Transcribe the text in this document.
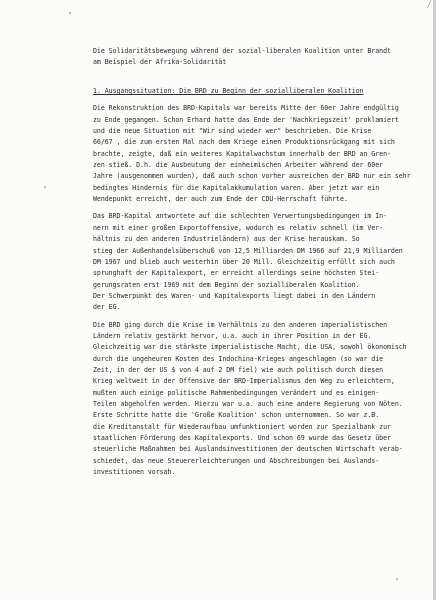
/
Die Solidaritätsbewegung während der sozial-liberalen Koalition unter Brandt
am Beispiel der Afrika-Solidarität
1. Ausgangssituation: Die BRD zu Beginn der sozialliberalen Koalition
Die Rekonstruktion des BRD-Kapitals war bereits Mitte der 60er Jahre endgültig
zu Ende gegangen. Schon Erhard hatte das Ende der 'Nachkriegszeit' proklamiert
und die neue Situation mit "Wir sind wieder wer" beschrieben. Die Krise
66/67 , die zum ersten Mal nach dem Kriege einen Produktionsrückgang mit sich
brachte, zeigte, daß ein weiteres Kapitalwachstum innerhalb der BRD an Gren-
zen stieß. D.h. die Ausbeutung der einheimischen Arbeiter während der 60er
Jahre (ausgenommen wurden), daß auch schon vorher ausreichen der BRD nur ein sehr
bedingtes Hindernis für die Kapitalakkumulation waren. Aber jetzt war ein
Wendepunkt erreicht, der auch zum Ende der CDU-Herrschaft führte.
Das BRD-Kapital antwortete auf die schlechten Verwertungsbedingungen im In-
nern mit einer großen Exportoffensive, wodurch es relativ schnell (im Ver-
hältnis zu den anderen Industrieländern) aus der Krise herauskam. So
stieg der Außenhandelsüberschuß von 12,5 Milliarden DM 1966 auf 21,9 Milliarden
DM 1967 und blieb auch weiterhin über 20 Mill. Gleichzeitig erfüllt sich auch
sprunghaft der Kapitalexport, er erreicht allerdings seine höchsten Stei-
gerungsraten erst 1969 mit dem Beginn der sozialliberalen Koalition.
Der Schwerpunkt des Waren- und Kapitalexports liegt dabei in den Ländern
der EG.
Die BRD ging durch die Krise im Verhältnis zu den anderen imperialistischen
Ländern relativ gestärkt hervor, u.a. auch in ihrer Position in der EG.
Gleichzeitig war die stärkste imperialistische Macht, die USA, sowohl ökonomisch
durch die ungeheuren Kosten des Indochina-Krieges angeschlagen (so war die
Zeit, in der der US $ von 4 auf 2 DM fiel) wie auch politisch durch diesen
Krieg weltweit in der Offensive der BRD-Imperialismus den Weg zu erleichtern,
mußten auch einige politische Rahmenbedingungen verändert und es einigen-
Teilen abgeholfen werden. Hierzu war u.a. auch eine andere Regierung von Nöten.
Erste Schritte hatte die 'Große Koalition' schon unternommen. So war z.B.
die Kreditanstalt für Wiederaufbau umfunktioniert worden zur Spezialbank zur
staatlichen Förderung des Kapitalexports. Und schon 69 wurde das Gesetz über
steuerliche Maßnahmen bei Auslandsinvestitionen der deutschen Wirtschaft verab-
schiedet, das neue Steuererleichterungen und Abschreibungen bei Auslands-
investitionen vorsah.
